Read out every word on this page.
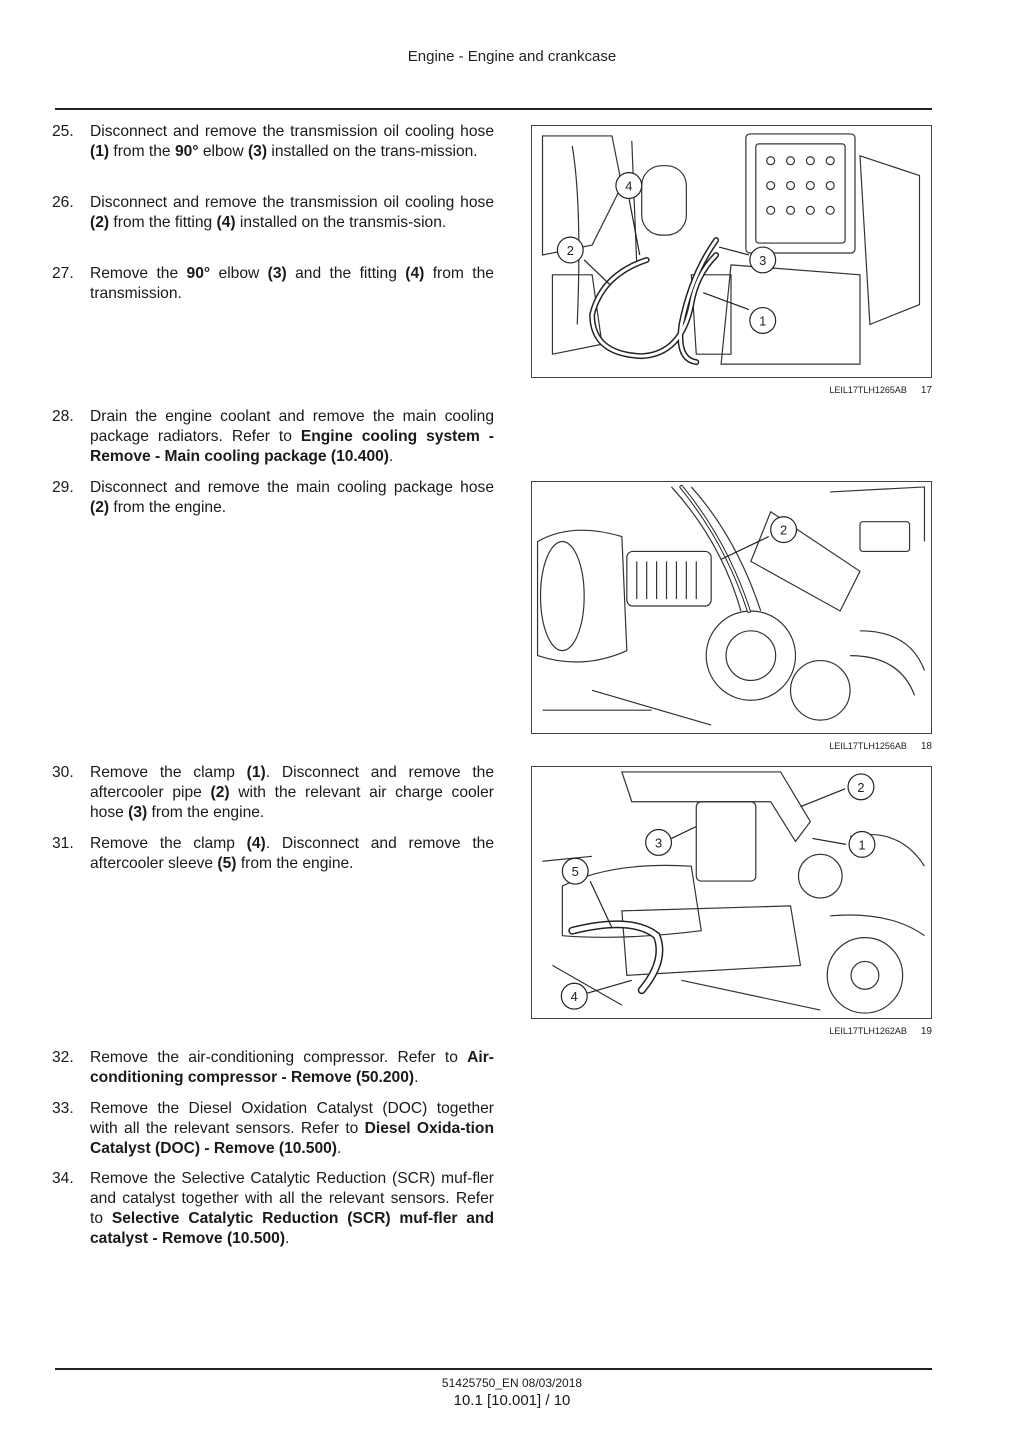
Engine - Engine and crankcase
25.	Disconnect and remove the transmission oil cooling hose (1) from the 90° elbow (3) installed on the trans-mission.
26.	Disconnect and remove the transmission oil cooling hose (2) from the fitting (4) installed on the transmis-sion.
27.	Remove the 90° elbow (3) and the fitting (4) from the transmission.
28.	Drain the engine coolant and remove the main cooling package radiators. Refer to Engine cooling system - Remove - Main cooling package (10.400).
29.	Disconnect and remove the main cooling package hose (2) from the engine.
30.	Remove the clamp (1). Disconnect and remove the aftercooler pipe (2) with the relevant air charge cooler hose (3) from the engine.
31.	Remove the clamp (4). Disconnect and remove the aftercooler sleeve (5) from the engine.
32.	Remove the air-conditioning compressor. Refer to Air-conditioning compressor - Remove (50.200).
33.	Remove the Diesel Oxidation Catalyst (DOC) together with all the relevant sensors. Refer to Diesel Oxida-tion Catalyst (DOC) - Remove (10.500).
34.	Remove the Selective Catalytic Reduction (SCR) muf-fler and catalyst together with all the relevant sensors. Refer to Selective Catalytic Reduction (SCR) muf-fler and catalyst - Remove (10.500).
4
2
3
1
LEIL17TLH1265AB 17
2
LEIL17TLH1256AB 18
2
3	1
5
4
LEIL17TLH1262AB 19
51425750_EN 08/03/2018
10.1 [10.001] / 10
